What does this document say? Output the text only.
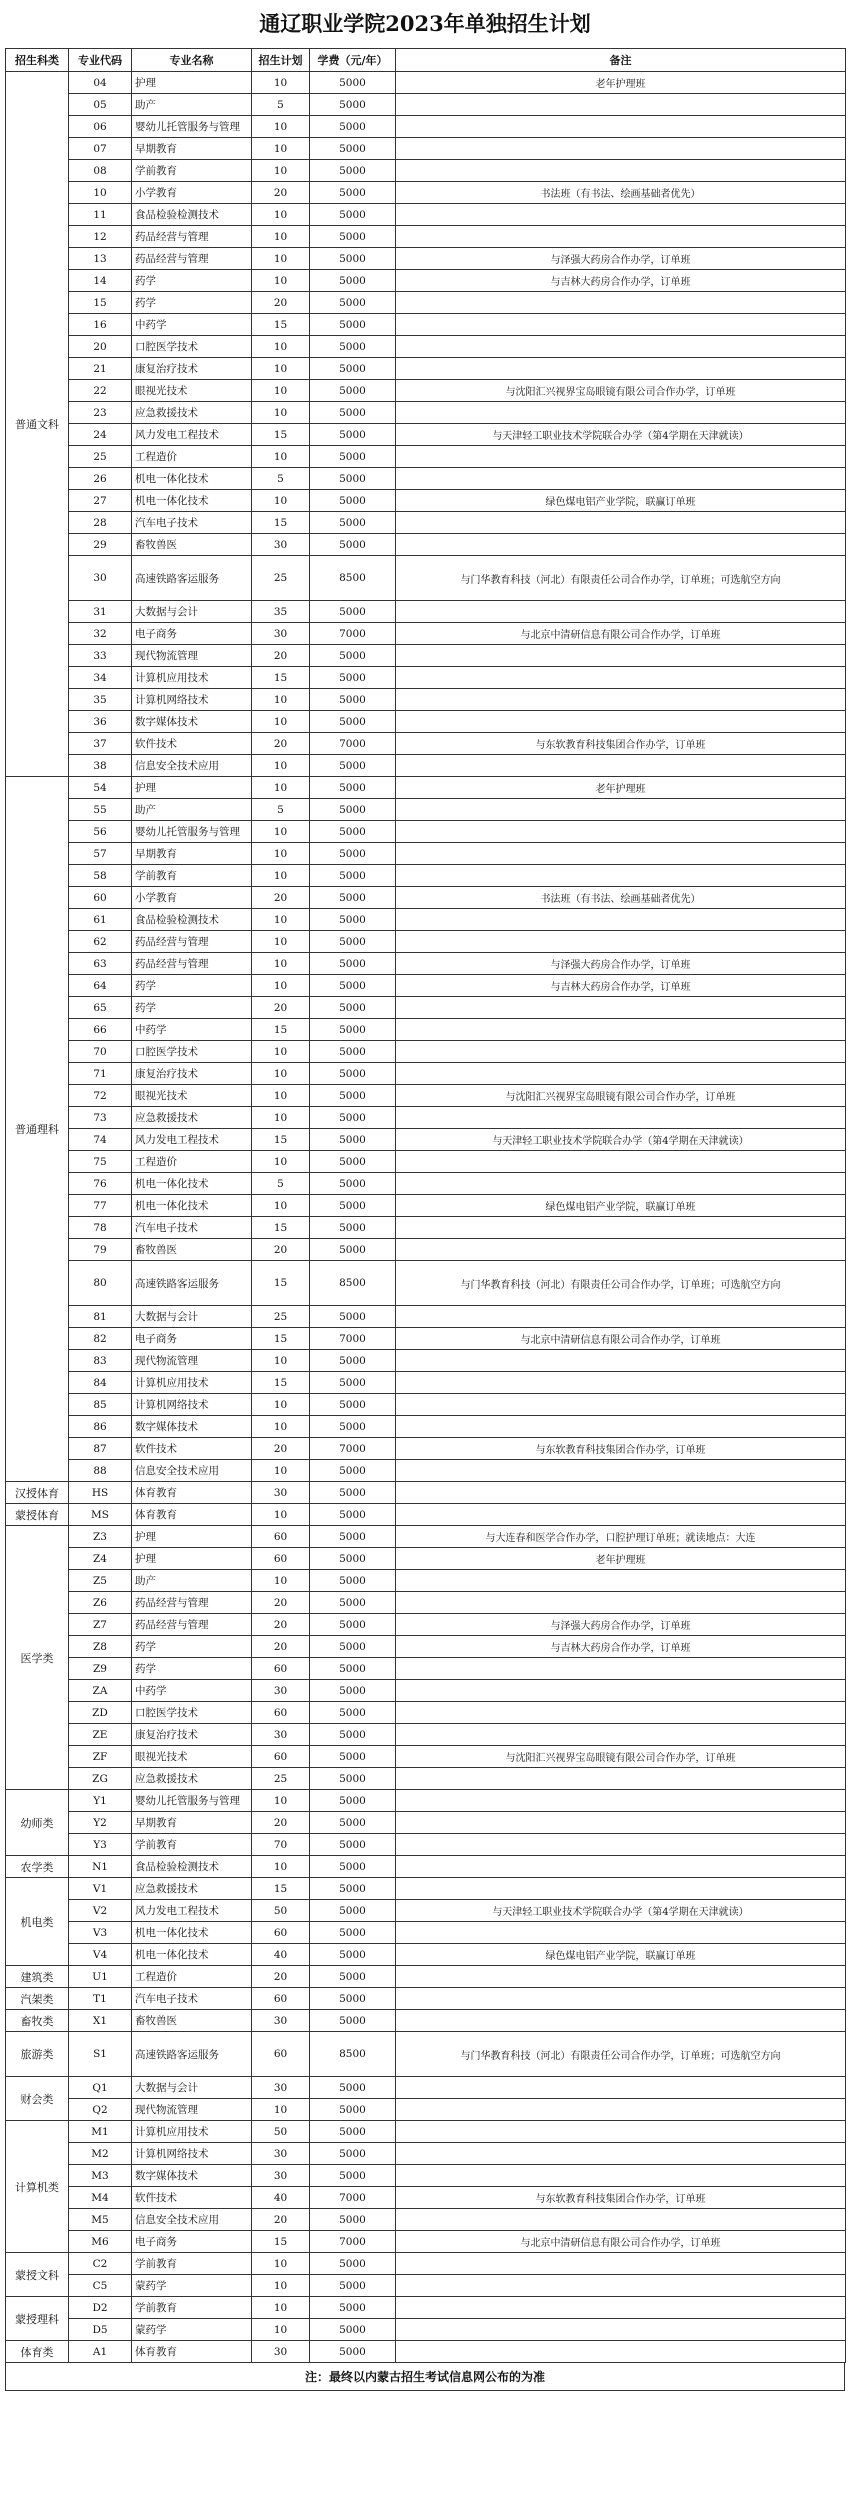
通辽职业学院2023年单独招生计划
招生科类	专业代码	专业名称	招生计划	学费（元/年）	备注
普通文科	04	护理	10	5000	老年护理班
	05	助产	5	5000	
	06	婴幼儿托管服务与管理	10	5000	
	07	早期教育	10	5000	
	08	学前教育	10	5000	
	10	小学教育	20	5000	书法班（有书法、绘画基础者优先）
	11	食品检验检测技术	10	5000	
	12	药品经营与管理	10	5000	
	13	药品经营与管理	10	5000	与泽强大药房合作办学，订单班
	14	药学	10	5000	与吉林大药房合作办学，订单班
	15	药学	20	5000	
	16	中药学	15	5000	
	20	口腔医学技术	10	5000	
	21	康复治疗技术	10	5000	
	22	眼视光技术	10	5000	与沈阳汇兴视界宝岛眼镜有限公司合作办学，订单班
	23	应急救援技术	10	5000	
	24	风力发电工程技术	15	5000	与天津轻工职业技术学院联合办学（第4学期在天津就读）
	25	工程造价	10	5000	
	26	机电一体化技术	5	5000	
	27	机电一体化技术	10	5000	绿色煤电铝产业学院，联赢订单班
	28	汽车电子技术	15	5000	
	29	畜牧兽医	30	5000	
	30	高速铁路客运服务	25	8500	与门华教育科技（河北）有限责任公司合作办学，订单班；可选航空方向
	31	大数据与会计	35	5000	
	32	电子商务	30	7000	与北京中清研信息有限公司合作办学，订单班
	33	现代物流管理	20	5000	
	34	计算机应用技术	15	5000	
	35	计算机网络技术	10	5000	
	36	数字媒体技术	10	5000	
	37	软件技术	20	7000	与东软教育科技集团合作办学，订单班
	38	信息安全技术应用	10	5000	
普通理科	54	护理	10	5000	老年护理班
	55	助产	5	5000	
	56	婴幼儿托管服务与管理	10	5000	
	57	早期教育	10	5000	
	58	学前教育	10	5000	
	60	小学教育	20	5000	书法班（有书法、绘画基础者优先）
	61	食品检验检测技术	10	5000	
	62	药品经营与管理	10	5000	
	63	药品经营与管理	10	5000	与泽强大药房合作办学，订单班
	64	药学	10	5000	与吉林大药房合作办学，订单班
	65	药学	20	5000	
	66	中药学	15	5000	
	70	口腔医学技术	10	5000	
	71	康复治疗技术	10	5000	
	72	眼视光技术	10	5000	与沈阳汇兴视界宝岛眼镜有限公司合作办学，订单班
	73	应急救援技术	10	5000	
	74	风力发电工程技术	15	5000	与天津轻工职业技术学院联合办学（第4学期在天津就读）
	75	工程造价	10	5000	
	76	机电一体化技术	5	5000	
	77	机电一体化技术	10	5000	绿色煤电铝产业学院，联赢订单班
	78	汽车电子技术	15	5000	
	79	畜牧兽医	20	5000	
	80	高速铁路客运服务	15	8500	与门华教育科技（河北）有限责任公司合作办学，订单班；可选航空方向
	81	大数据与会计	25	5000	
	82	电子商务	15	7000	与北京中清研信息有限公司合作办学，订单班
	83	现代物流管理	10	5000	
	84	计算机应用技术	15	5000	
	85	计算机网络技术	10	5000	
	86	数字媒体技术	10	5000	
	87	软件技术	20	7000	与东软教育科技集团合作办学，订单班
	88	信息安全技术应用	10	5000	
汉授体育	HS	体育教育	30	5000	
蒙授体育	MS	体育教育	10	5000	
医学类	Z3	护理	60	5000	与大连春和医学合作办学，口腔护理订单班；就读地点：大连
	Z4	护理	60	5000	老年护理班
	Z5	助产	10	5000	
	Z6	药品经营与管理	20	5000	
	Z7	药品经营与管理	20	5000	与泽强大药房合作办学，订单班
	Z8	药学	20	5000	与吉林大药房合作办学，订单班
	Z9	药学	60	5000	
	ZA	中药学	30	5000	
	ZD	口腔医学技术	60	5000	
	ZE	康复治疗技术	30	5000	
	ZF	眼视光技术	60	5000	与沈阳汇兴视界宝岛眼镜有限公司合作办学，订单班
	ZG	应急救援技术	25	5000	
幼师类	Y1	婴幼儿托管服务与管理	10	5000	
	Y2	早期教育	20	5000	
	Y3	学前教育	70	5000	
农学类	N1	食品检验检测技术	10	5000	
机电类	V1	应急救援技术	15	5000	
	V2	风力发电工程技术	50	5000	与天津轻工职业技术学院联合办学（第4学期在天津就读）
	V3	机电一体化技术	60	5000	
	V4	机电一体化技术	40	5000	绿色煤电铝产业学院，联赢订单班
建筑类	U1	工程造价	20	5000	
汽架类	T1	汽车电子技术	60	5000	
畜牧类	X1	畜牧兽医	30	5000	
旅游类	S1	高速铁路客运服务	60	8500	与门华教育科技（河北）有限责任公司合作办学，订单班；可选航空方向
财会类	Q1	大数据与会计	30	5000	
	Q2	现代物流管理	10	5000	
计算机类	M1	计算机应用技术	50	5000	
	M2	计算机网络技术	30	5000	
	M3	数字媒体技术	30	5000	
	M4	软件技术	40	7000	与东软教育科技集团合作办学，订单班
	M5	信息安全技术应用	20	5000	
	M6	电子商务	15	7000	与北京中清研信息有限公司合作办学，订单班
蒙授文科	C2	学前教育	10	5000	
	C5	蒙药学	10	5000	
蒙授理科	D2	学前教育	10	5000	
	D5	蒙药学	10	5000	
体育类	A1	体育教育	30	5000	
注：最终以内蒙古招生考试信息网公布的为准
